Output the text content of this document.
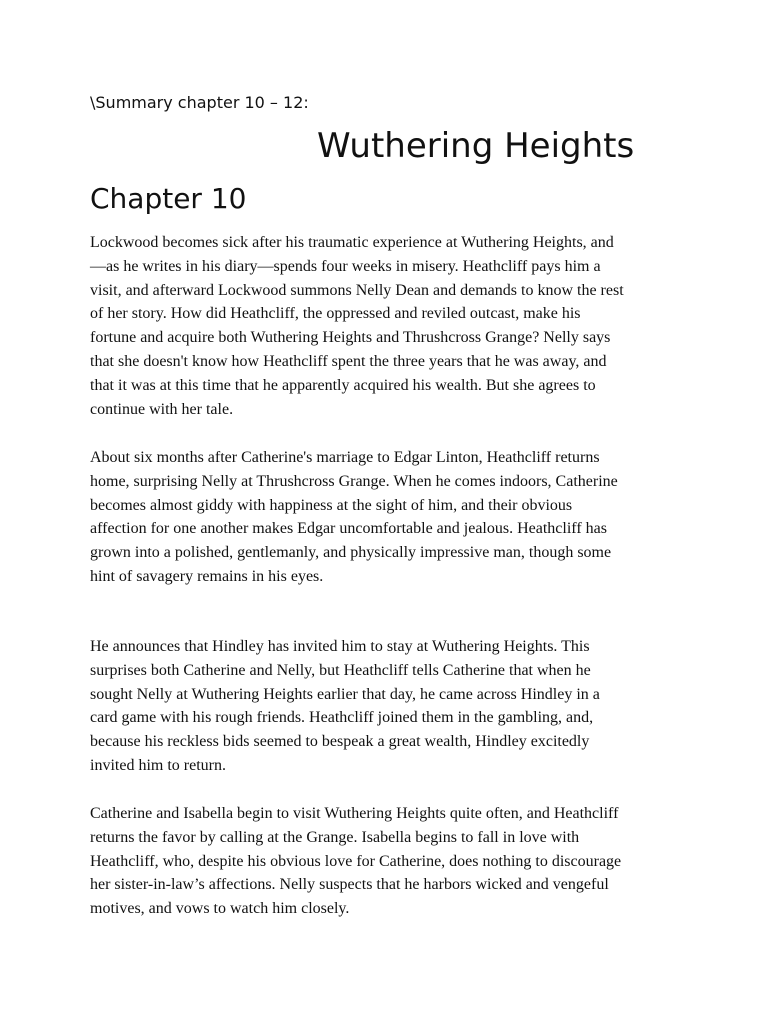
\Summary chapter 10 – 12:
Wuthering Heights
Chapter 10

Lockwood becomes sick after his traumatic experience at Wuthering Heights, and
—as he writes in his diary—spends four weeks in misery. Heathcliff pays him a
visit, and afterward Lockwood summons Nelly Dean and demands to know the rest
of her story. How did Heathcliff, the oppressed and reviled outcast, make his
fortune and acquire both Wuthering Heights and Thrushcross Grange? Nelly says
that she doesn't know how Heathcliff spent the three years that he was away, and
that it was at this time that he apparently acquired his wealth. But she agrees to
continue with her tale.

About six months after Catherine's marriage to Edgar Linton, Heathcliff returns
home, surprising Nelly at Thrushcross Grange. When he comes indoors, Catherine
becomes almost giddy with happiness at the sight of him, and their obvious
affection for one another makes Edgar uncomfortable and jealous. Heathcliff has
grown into a polished, gentlemanly, and physically impressive man, though some
hint of savagery remains in his eyes.

He announces that Hindley has invited him to stay at Wuthering Heights. This
surprises both Catherine and Nelly, but Heathcliff tells Catherine that when he
sought Nelly at Wuthering Heights earlier that day, he came across Hindley in a
card game with his rough friends. Heathcliff joined them in the gambling, and,
because his reckless bids seemed to bespeak a great wealth, Hindley excitedly
invited him to return.

Catherine and Isabella begin to visit Wuthering Heights quite often, and Heathcliff
returns the favor by calling at the Grange. Isabella begins to fall in love with
Heathcliff, who, despite his obvious love for Catherine, does nothing to discourage
her sister-in-law’s affections. Nelly suspects that he harbors wicked and vengeful
motives, and vows to watch him closely.
